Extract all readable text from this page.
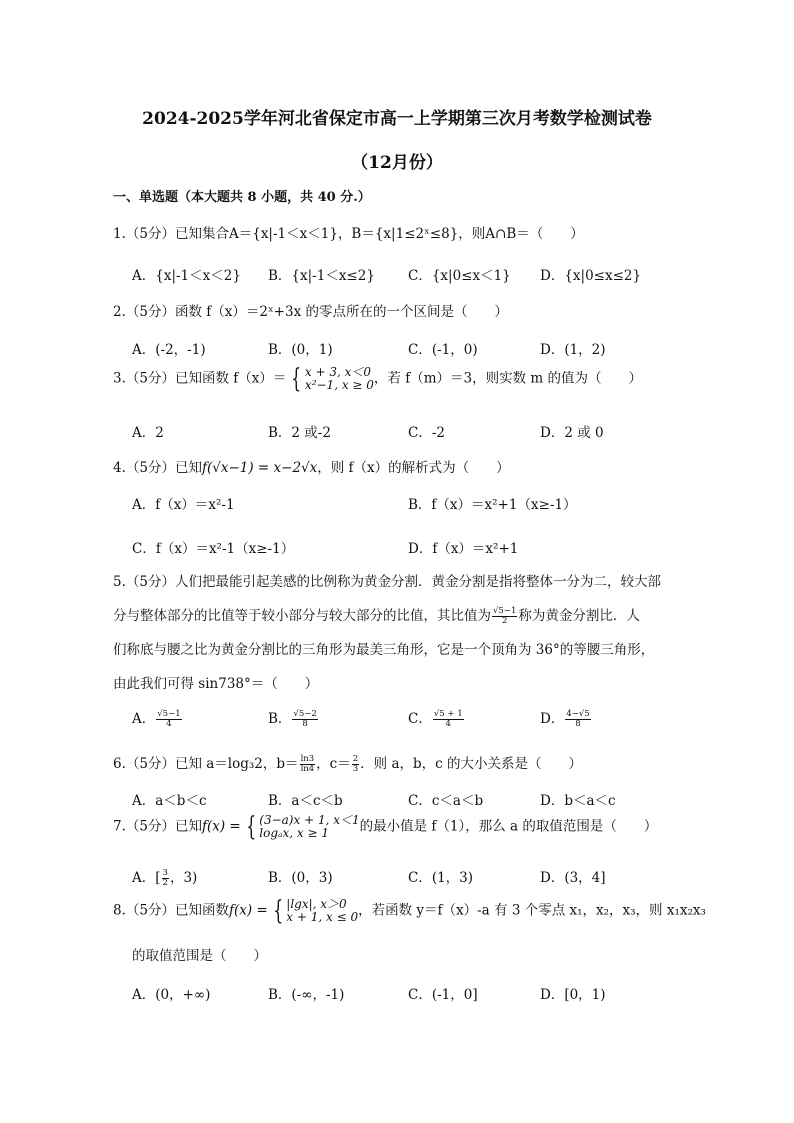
2024-2025学年河北省保定市高一上学期第三次月考数学检测试卷
（12月份）
一、单选题（本大题共 8 小题，共 40 分.）
1.（5分）已知集合A＝{x|-1＜x＜1}，B＝{x|1≤2ˣ≤8}，则A∩B＝（　　）
A．{x|-1＜x＜2} B．{x|-1＜x≤2} C．{x|0≤x＜1} D．{x|0≤x≤2}
2.（5分）函数 f（x）＝2ˣ+3x 的零点所在的一个区间是（　　）
A．(-2，-1)	B．(0，1)	C．(-1，0)	D．(1，2)
3.（5分）已知函数 f（x）＝ { x + 3, x＜0
x²−1, x ≥ 0 ，若 f（m）＝3，则实数 m 的值为（　　）
A．2	B．2 或-2	C．-2	D．2 或 0
4.（5分）已知f(√x−1) = x−2√x，则 f（x）的解析式为（　　）
A．f（x）＝x²-1	B．f（x）＝x²+1（x≥-1）
C．f（x）＝x²-1（x≥-1）	D．f（x）＝x²+1
5.（5分）人们把最能引起美感的比例称为黄金分割．黄金分割是指将整体一分为二，较大部
分与整体部分的比值等于较小部分与较大部分的比值，其比值为 $\frac{√5-1}{2}$ 称为黄金分割比．人
们称底与腰之比为黄金分割比的三角形为最美三角形，它是一个顶角为 36°的等腰三角形，
由此我们可得 sin738°＝（　　）
A． $\frac{√5-1}{4}$	B． $\frac{√5-2}{8}$	C． $\frac{√5 + 1}{4}$	D． $\frac{4-√5}{8}$
6.（5分）已知 a＝log₃2，$b= \frac{\ln 3}{\ln 4}$ ，$c= \frac{2}{3}$ ．则 a，b，c 的大小关系是（　　）
A．a＜b＜c	B．a＜c＜b	C．c＜a＜b	D．b＜a＜c
7.（5分）已知f(x) = { (3−a)x + 1, x＜1
logₐx, x ≥ 1	的最小值是 f（1），那么 a 的取值范围是（　　）
A．[ $\frac{3}{2}$ ，3)	B．(0，3)	C．(1，3)	D．(3，4]
8.（5分）已知函数f(x) = { |lgx|, x＞0
x + 1, x ≤ 0 ，若函数 y＝f（x）-a 有 3 个零点 x₁，x₂，x₃，则 x₁x₂x₃
的取值范围是（　　）
A．(0，+∞)	B．(-∞，-1)	C．(-1，0]	D．[0，1)
